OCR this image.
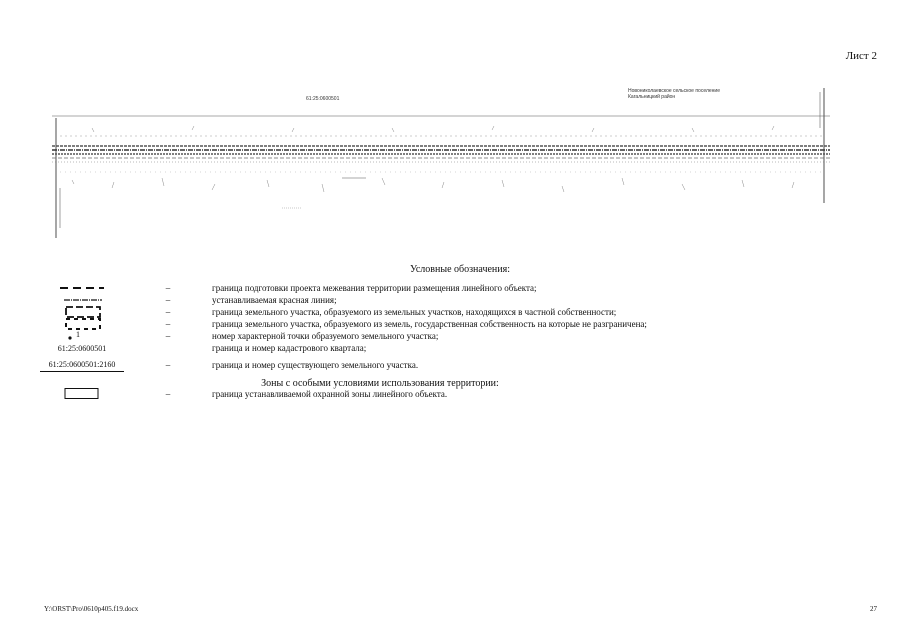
Лист 2
61:25:0600501
Новониколаевское сельское поселение
Кагальницкий район
Условные обозначения:
–	граница подготовки проекта межевания территории размещения линейного объекта;
–	устанавливаемая красная линия;
–	граница земельного участка, образуемого из земельных участков, находящихся в частной собственности;
–	граница земельного участка, образуемого из земель, государственная собственность на которые не разграничена;
1	–	номер характерной точки образуемого земельного участка;
61:25:0600501	граница и номер кадастрового квартала;
61:25:0600501:2160	–	граница и номер существующего земельного участка.
Зоны с особыми условиями использования территории:
–	граница устанавливаемой охранной зоны линейного объекта.
Y:\ORST\Pro\0610p405.f19.docx	27
